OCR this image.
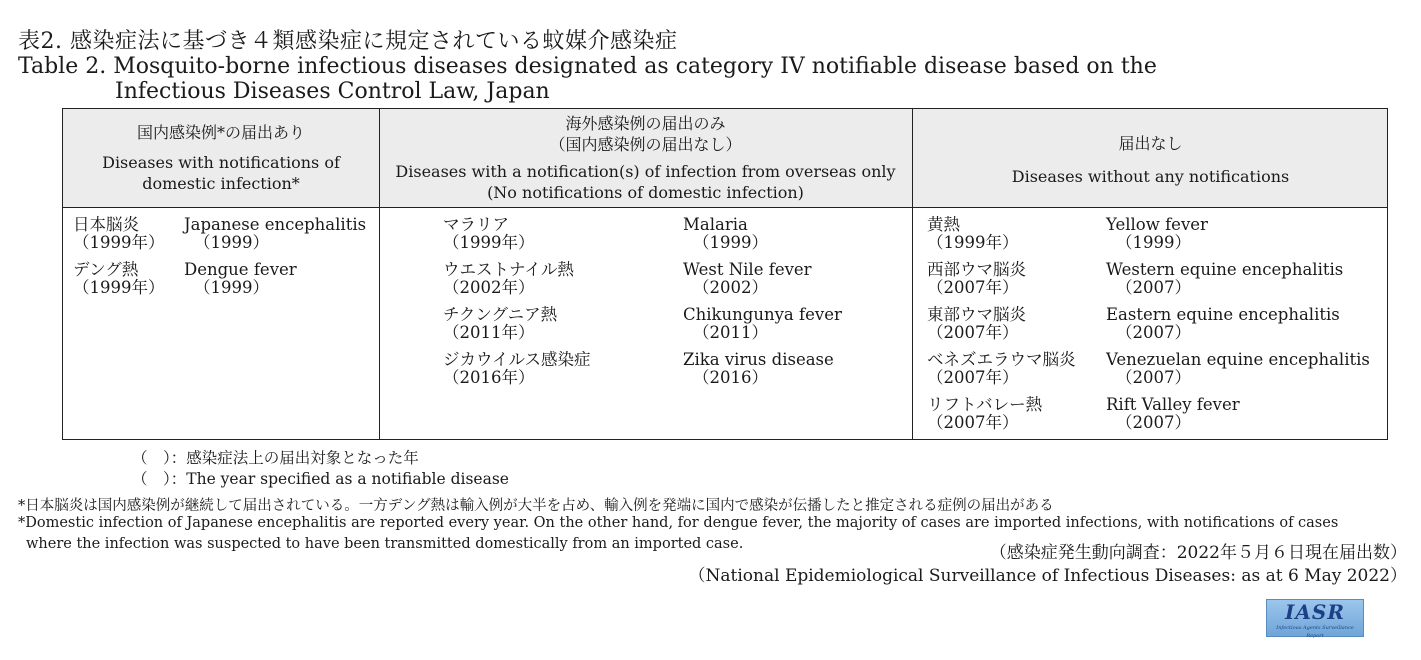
表2. 感染症法に基づき４類感染症に規定されている蚊媒介感染症
Table 2. Mosquito-borne infectious diseases designated as category IV notifiable disease based on the
Infectious Diseases Control Law, Japan
国内感染例*の届出あり
Diseases with notifications of
domestic infection*
海外感染例の届出のみ
（国内感染例の届出なし）
Diseases with a notification(s) of infection from overseas only
(No notifications of domestic infection)
届出なし
Diseases without any notifications
日本脳炎
（1999年）
Japanese encephalitis
（1999）
デング熱
（1999年）
Dengue fever
（1999）
マラリア
（1999年）
Malaria
（1999）
ウエストナイル熱
（2002年）
West Nile fever
（2002）
チクングニア熱
（2011年）
Chikungunya fever
（2011）
ジカウイルス感染症
（2016年）
Zika virus disease
（2016）
黄熱
（1999年）
Yellow fever
（1999）
西部ウマ脳炎
（2007年）
Western equine encephalitis
（2007）
東部ウマ脳炎
（2007年）
Eastern equine encephalitis
（2007）
ベネズエラウマ脳炎
（2007年）
Venezuelan equine encephalitis
（2007）
リフトバレー熱
（2007年）
Rift Valley fever
（2007）
（　）：感染症法上の届出対象となった年
（　）：The year specified as a notifiable disease
*日本脳炎は国内感染例が継続して届出されている。一方デング熱は輸入例が大半を占め、輸入例を発端に国内で感染が伝播したと推定される症例の届出がある
*Domestic infection of Japanese encephalitis are reported every year. On the other hand, for dengue fever, the majority of cases are imported infections, with notifications of cases
where the infection was suspected to have been transmitted domestically from an imported case.	（感染症発生動向調査：2022年５月６日現在届出数）
（National Epidemiological Surveillance of Infectious Diseases: as at 6 May 2022）
IASR
Infectious Agents Surveillance Report
